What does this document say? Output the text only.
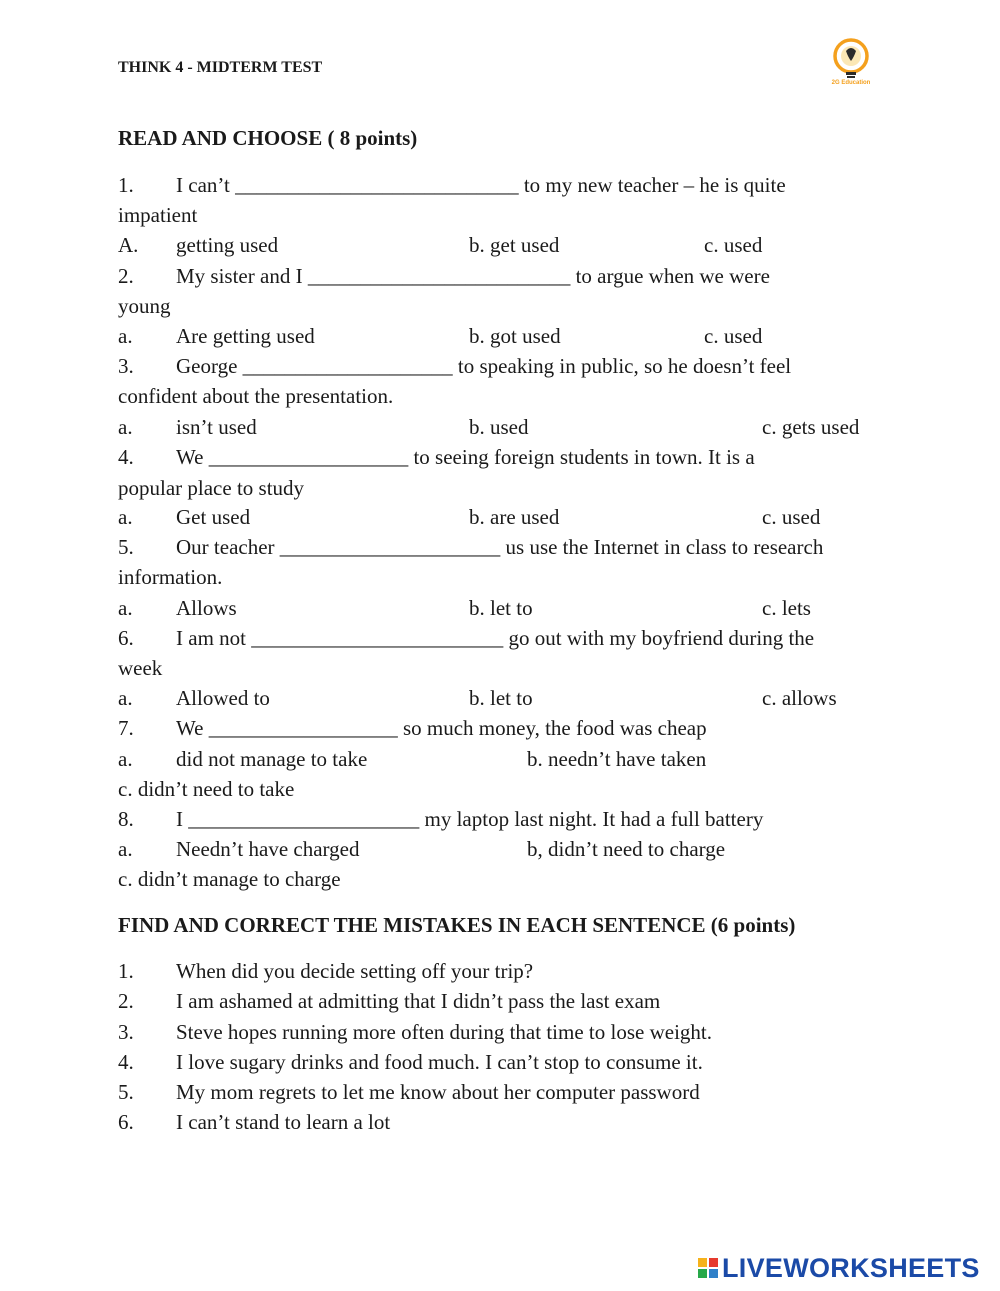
THINK 4 - MIDTERM TEST
2G Education
READ AND CHOOSE ( 8 points)
1. I can’t ___________________________ to my new teacher – he is quite
impatient
A. getting used	b. get used	c. used
2. My sister and I _________________________ to argue when we were
young
a. Are getting used	b. got used	c. used
3. George ____________________ to speaking in public, so he doesn’t feel
confident about the presentation.
a. isn’t used	b. used	c. gets used
4. We ___________________ to seeing foreign students in town. It is a
popular place to study
a. Get used	b. are used	c. used
5. Our teacher _____________________ us use the Internet in class to research
information.
a. Allows	b. let to	c. lets
6. I am not ________________________ go out with my boyfriend during the
week
a. Allowed to	b. let to	c. allows
7. We __________________ so much money, the food was cheap
a. did not manage to take	b. needn’t have taken
c. didn’t need to take
8. I ______________________ my laptop last night. It had a full battery
a. Needn’t have charged	b, didn’t need to charge
c. didn’t manage to charge
FIND AND CORRECT THE MISTAKES IN EACH SENTENCE (6 points)
1. When did you decide setting off your trip?
2. I am ashamed at admitting that I didn’t pass the last exam
3. Steve hopes running more often during that time to lose weight.
4. I love sugary drinks and food much. I can’t stop to consume it.
5. My mom regrets to let me know about her computer password
6. I can’t stand to learn a lot
LIVEWORKSHEETS
